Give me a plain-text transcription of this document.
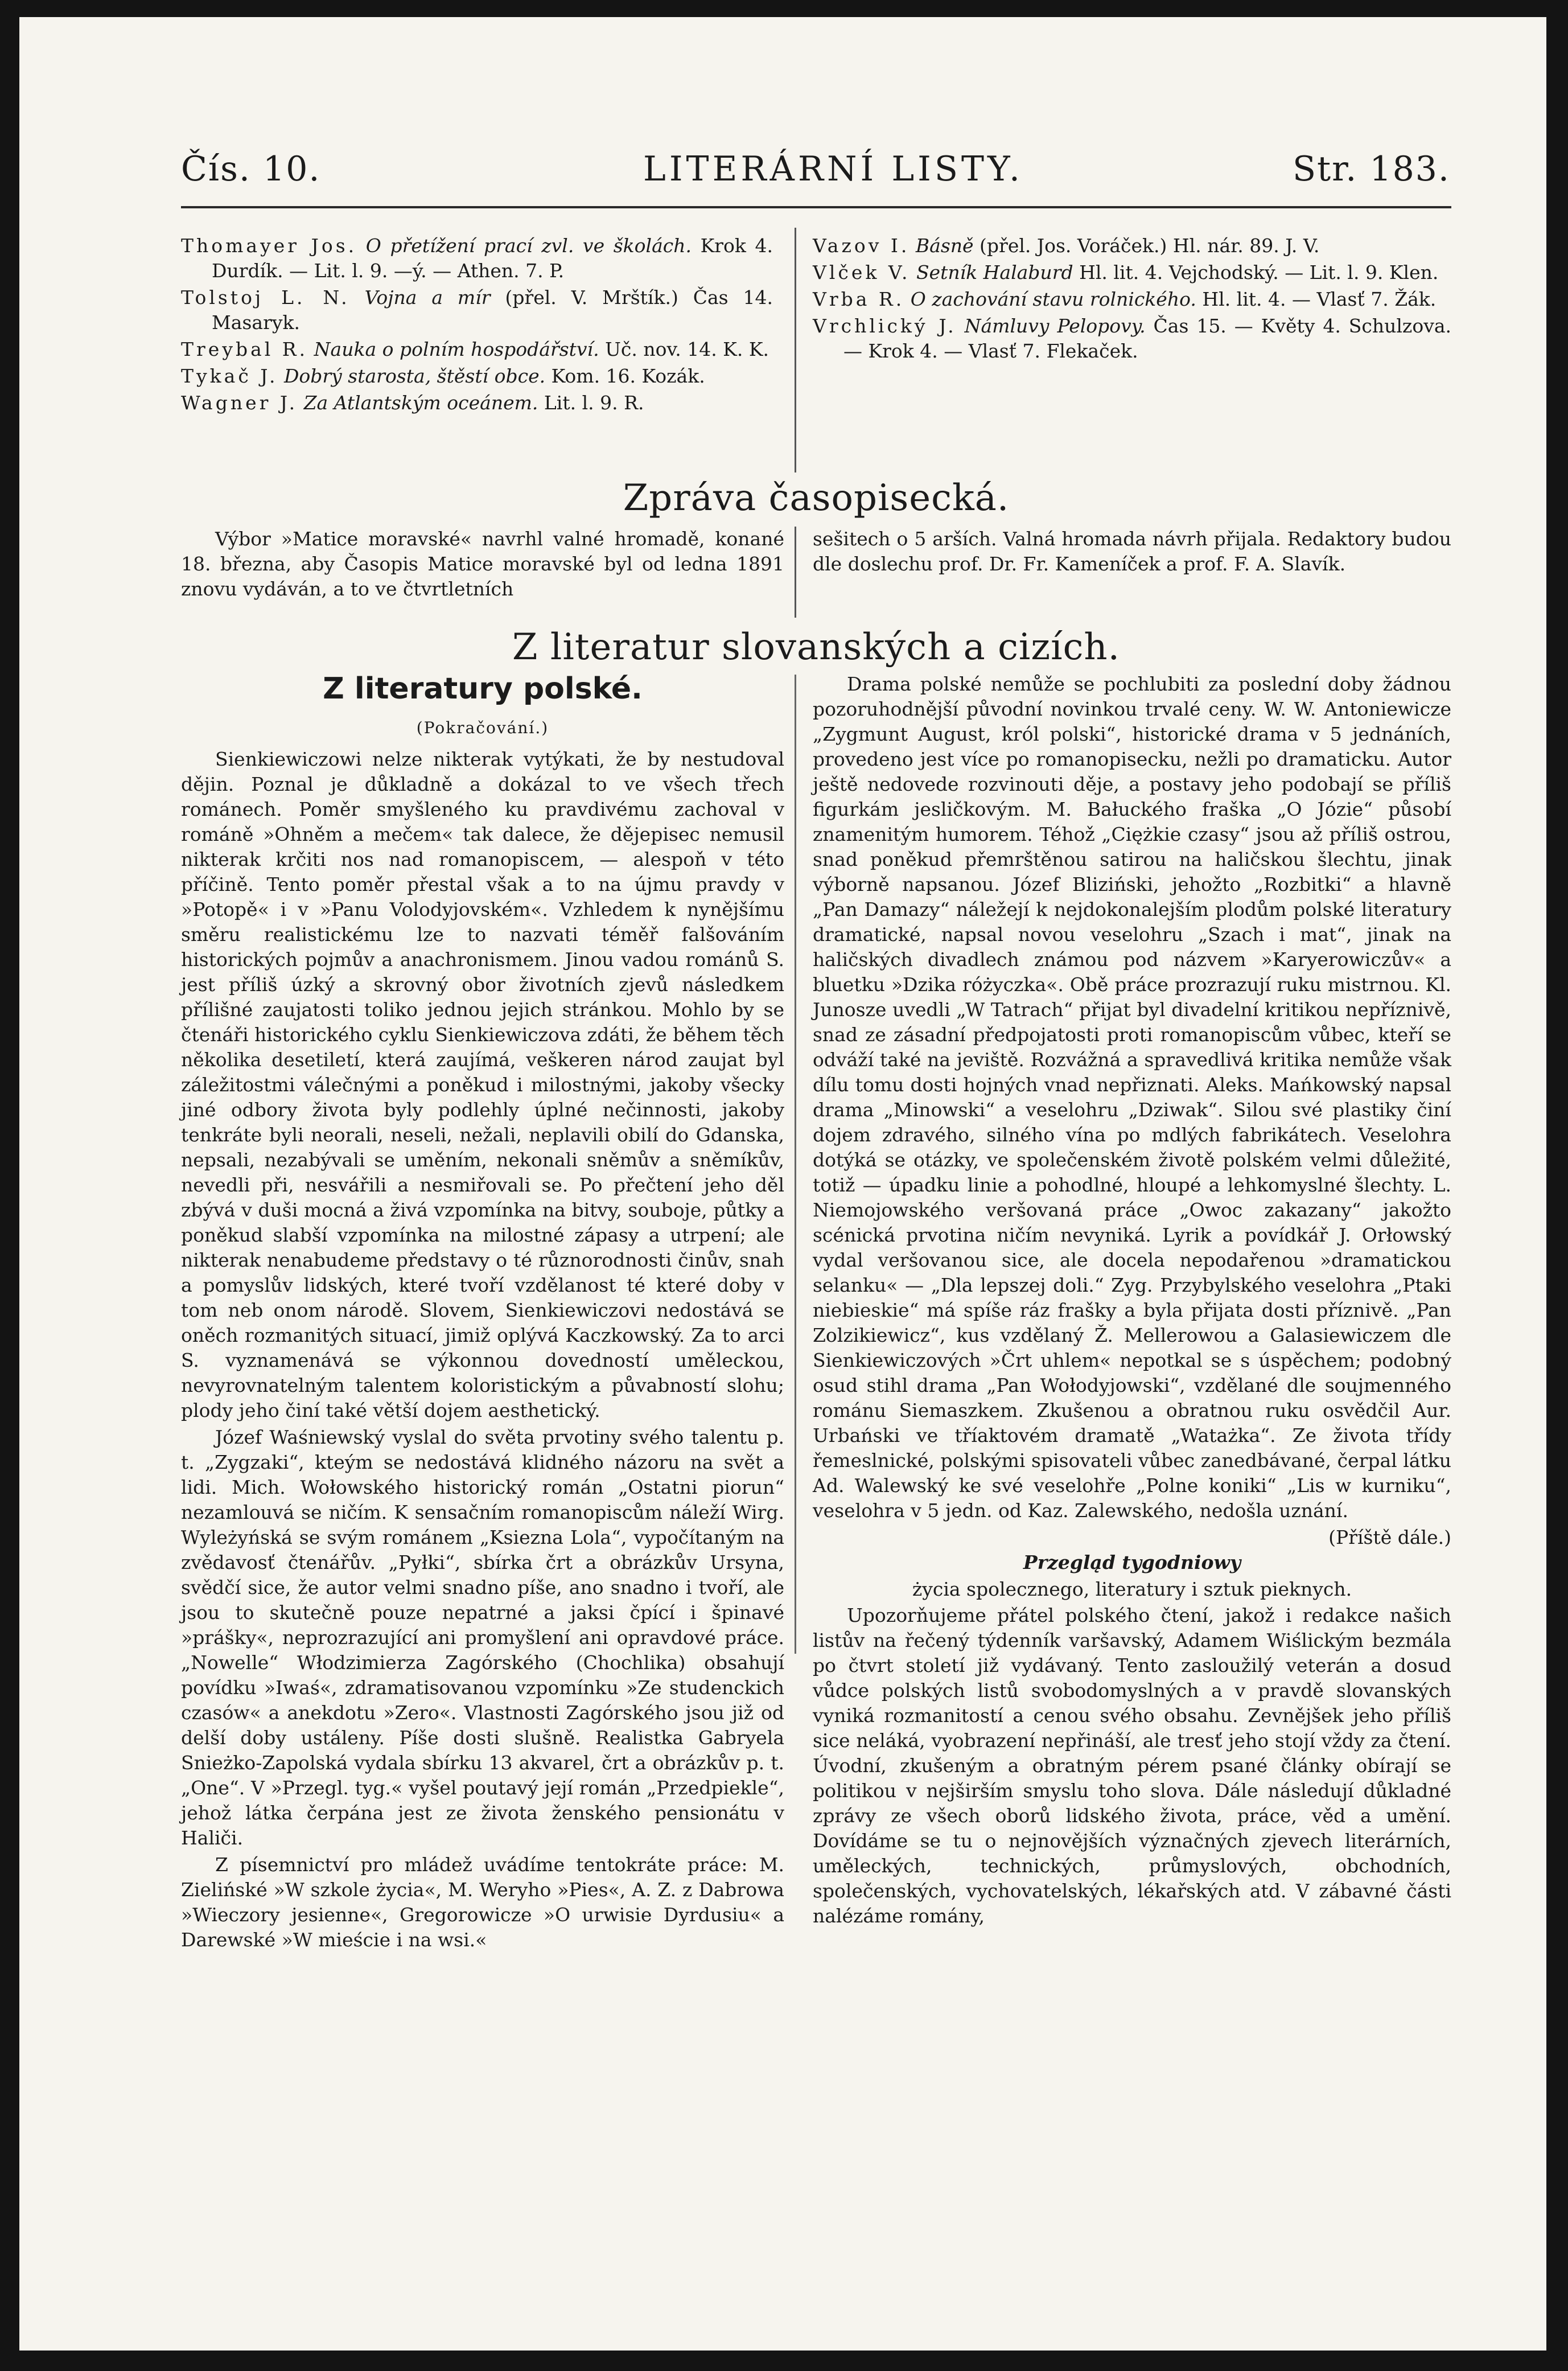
Čís. 10.	LITERÁRNÍ LISTY.	Str. 183.

Thomayer Jos. O přetížení prací zvl. ve školách. Krok 4. Durdík. — Lit. l. 9. —ý. — Athen. 7. P.

Tolstoj L. N. Vojna a mír (přel. V. Mrštík.) Čas 14. Masaryk.

Treybal R. Nauka o polním hospodářství. Uč. nov. 14. K. K.

Tykač J. Dobrý starosta, štěstí obce. Kom. 16. Kozák.

Wagner J. Za Atlantským oceánem. Lit. l. 9. R.

Vazov I. Básně (přel. Jos. Voráček.) Hl. nár. 89. J. V.

Vlček V. Setník Halaburd Hl. lit. 4. Vejchodský. — Lit. l. 9. Klen.

Vrba R. O zachování stavu rolnického. Hl. lit. 4. — Vlasť 7. Žák.

Vrchlický J. Námluvy Pelopovy. Čas 15. — Květy 4. Schulzova. — Krok 4. — Vlasť 7. Flekaček.

Zpráva časopisecká.

Výbor »Matice moravské« navrhl valné hromadě, konané 18. března, aby Časopis Matice moravské byl od ledna 1891 znovu vydáván, a to ve čtvrtletních

sešitech o 5 arších. Valná hromada návrh přijala. Redaktory budou dle doslechu prof. Dr. Fr. Kameníček a prof. F. A. Slavík.

Z literatur slovanských a cizích.
Z literatury polské.
(Pokračování.)

Sienkiewiczowi nelze nikterak vytýkati, že by nestudoval dějin. Poznal je důkladně a dokázal to ve všech třech románech. Poměr smyšleného ku pravdivému zachoval v románě »Ohněm a mečem« tak dalece, že dějepisec nemusil nikterak krčiti nos nad romanopiscem, — alespoň v této příčině. Tento poměr přestal však a to na újmu pravdy v »Potopě« i v »Panu Volodyjovském«. Vzhledem k nynějšímu směru realistickému lze to nazvati téměř falšováním historických pojmův a anachronismem. Jinou vadou románů S. jest příliš úzký a skrovný obor životních zjevů následkem přílišné zaujatosti toliko jednou jejich stránkou. Mohlo by se čtenáři historického cyklu Sienkiewiczova zdáti, že během těch několika desetiletí, která zaujímá, veškeren národ zaujat byl záležitostmi válečnými a poněkud i milostnými, jakoby všecky jiné odbory života byly podlehly úplné nečinnosti, jakoby tenkráte byli neorali, neseli, nežali, neplavili obilí do Gdanska, nepsali, nezabývali se uměním, nekonali sněmův a sněmíkův, nevedli při, nesvářili a nesmiřovali se. Po přečtení jeho děl zbývá v duši mocná a živá vzpomínka na bitvy, souboje, půtky a poněkud slabší vzpomínka na milostné zápasy a utrpení; ale nikterak nenabudeme představy o té různorodnosti činův, snah a pomyslův lidských, které tvoří vzdělanost té které doby v tom neb onom národě. Slovem, Sienkiewiczovi nedostává se oněch rozmanitých situací, jimiž oplývá Kaczkowský. Za to arci S. vyznamenává se výkonnou dovedností uměleckou, nevyrovnatelným talentem koloristickým a půvabností slohu; plody jeho činí také větší dojem aesthetický.

Józef Waśniewský vyslal do světa prvotiny svého talentu p. t. „Zygzaki“, kteým se nedostává klidného názoru na svět a lidi. Mich. Wołowského historický román „Ostatni piorun“ nezamlouvá se ničím. K sensačním romanopiscům náleží Wirg. Wyleżyńská se svým románem „Ksiezna Lola“, vypočítaným na zvědavosť čtenářův. „Pyłki“, sbírka črt a obrázkův Ursyna, svědčí sice, že autor velmi snadno píše, ano snadno i tvoří, ale jsou to skutečně pouze nepatrné a jaksi čpící i špinavé »prášky«, neprozrazující ani promyšlení ani opravdové práce. „Nowelle“ Włodzimierza Zagórského (Chochlika) obsahují povídku »Iwaś«, zdramatisovanou vzpomínku »Ze studenckich czasów« a anekdotu »Zero«. Vlastnosti Zagórského jsou již od delší doby ustáleny. Píše dosti slušně. Realistka Gabryela Snieżko-Zapolská vydala sbírku 13 akvarel, črt a obrázkův p. t. „One“. V »Przegl. tyg.« vyšel poutavý její román „Przedpiekle“, jehož látka čerpána jest ze života ženského pensionátu v Haliči.

Z písemnictví pro mládež uvádíme tentokráte práce: M. Zielińské »W szkole życia«, M. Weryho »Pies«, A. Z. z Dabrowa »Wieczory jesienne«, Gregorowicze »O urwisie Dyrdusiu« a Darewské »W mieście i na wsi.«

Drama polské nemůže se pochlubiti za poslední doby žádnou pozoruhodnější původní novinkou trvalé ceny. W. W. Antoniewicze „Zygmunt August, król polski“, historické drama v 5 jednáních, provedeno jest více po romanopisecku, nežli po dramaticku. Autor ještě nedovede rozvinouti děje, a postavy jeho podobají se příliš figurkám jesličkovým. M. Bałuckého fraška „O Józie“ působí znamenitým humorem. Téhož „Ciężkie czasy“ jsou až příliš ostrou, snad poněkud přemrštěnou satirou na haličskou šlechtu, jinak výborně napsanou. Józef Bliziński, jehožto „Rozbitki“ a hlavně „Pan Damazy“ náležejí k nejdokonalejším plodům polské literatury dramatické, napsal novou veselohru „Szach i mat“, jinak na haličských divadlech známou pod názvem »Karyerowiczův« a bluetku »Dzika różyczka«. Obě práce prozrazují ruku mistrnou. Kl. Junosze uvedli „W Tatrach“ přijat byl divadelní kritikou nepříznivě, snad ze zásadní předpojatosti proti romanopiscům vůbec, kteří se odváží také na jeviště. Rozvážná a spravedlivá kritika nemůže však dílu tomu dosti hojných vnad nepřiznati. Aleks. Mańkowský napsal drama „Minowski“ a veselohru „Dziwak“. Silou své plastiky činí dojem zdravého, silného vína po mdlých fabrikátech. Veselohra dotýká se otázky, ve společenském životě polském velmi důležité, totiž — úpadku linie a pohodlné, hloupé a lehkomyslné šlechty. L. Niemojowského veršovaná práce „Owoc zakazany“ jakožto scénická prvotina ničím nevyniká. Lyrik a povídkář J. Orłowský vydal veršovanou sice, ale docela nepodařenou »dramatickou selanku« — „Dla lepszej doli.“ Zyg. Przybylského veselohra „Ptaki niebieskie“ má spíše ráz frašky a byla přijata dosti příznivě. „Pan Zolzikiewicz“, kus vzdělaný Ž. Mellerowou a Galasiewiczem dle Sienkiewiczových »Črt uhlem« nepotkal se s úspěchem; podobný osud stihl drama „Pan Wołodyjowski“, vzdělané dle soujmenného románu Siemaszkem. Zkušenou a obratnou ruku osvědčil Aur. Urbański ve tříaktovém dramatě „Watażka“. Ze života třídy řemeslnické, polskými spisovateli vůbec zanedbávané, čerpal látku Ad. Walewský ke své veselohře „Polne koniki“ „Lis w kurniku“, veselohra v 5 jedn. od Kaz. Zalewského, nedošla uznání.

(Příště dále.)

Przegląd tygodniowy

życia spolecznego, literatury i sztuk pieknych.

Upozorňujeme přátel polského čtení, jakož i redakce našich listův na řečený týdenník varšavský, Adamem Wiślickým bezmála po čtvrt století již vydávaný. Tento zasloužilý veterán a dosud vůdce polských listů svobodomyslných a v pravdě slovanských vyniká rozmanitostí a cenou svého obsahu. Zevnějšek jeho příliš sice neláká, vyobrazení nepřináší, ale tresť jeho stojí vždy za čtení. Úvodní, zkušeným a obratným pérem psané články obírají se politikou v nejširším smyslu toho slova. Dále následují důkladné zprávy ze všech oborů lidského života, práce, věd a umění. Dovídáme se tu o nejnovějších význačných zjevech literárních, uměleckých, technických, průmyslových, obchodních, společenských, vychovatelských, lékařských atd. V zábavné části nalézáme romány,
